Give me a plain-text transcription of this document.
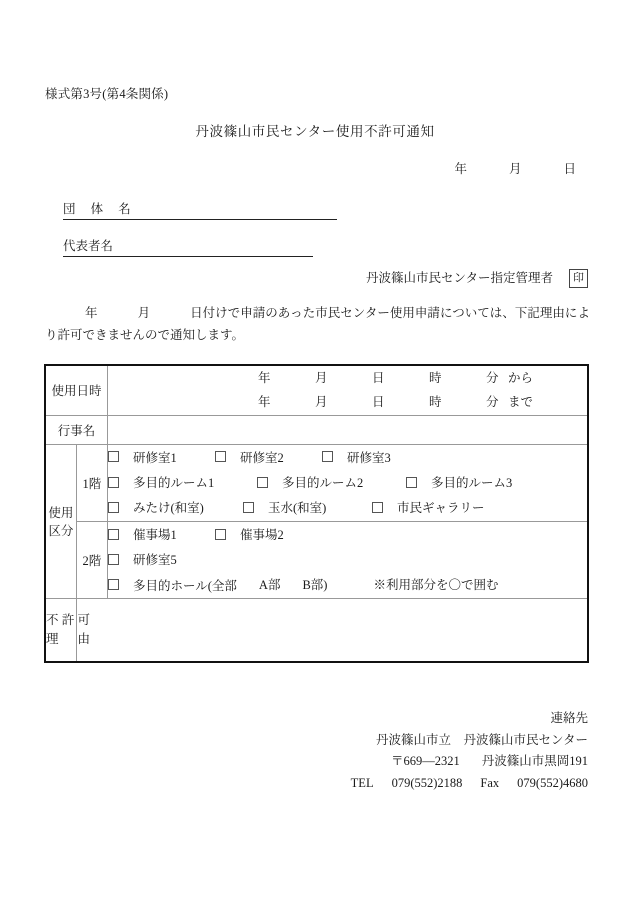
様式第3号(第4条関係)
丹波篠山市民センター使用不許可通知
年	月	日
団 体 名
代表者名
丹波篠山市民センター指定管理者 印
年	月	日付けで申請のあった市民センター使用申請については、下記理由により許可できませんので通知します。
使用日時		年 月 日 時 分 から
年 月 日 時 分 まで

行事名		
使用区分	1階	研修室1 研修室2 研修室3
多目的ルーム1 多目的ルーム2 多目的ルーム3
みたけ(和室) 玉水(和室) 市民ギャラリー

	2階	催事場1 催事場2
研修室5
多目的ホール(全部 A部 B部) ※利用部分を〇で囲む

不許可理由		

連絡先
丹波篠山市立　丹波篠山市民センター
〒669—2321 丹波篠山市黒岡191
TEL 079(552)2188 Fax 079(552)4680
